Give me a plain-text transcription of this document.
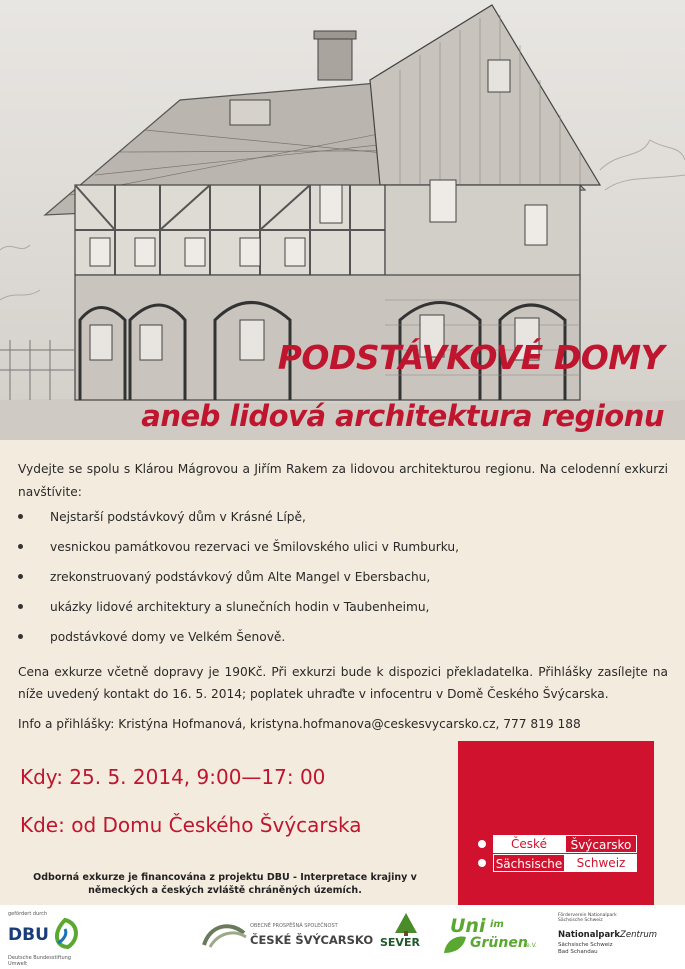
PODSTÁVKOVÉ DOMY
aneb lidová architektura regionu
Vydejte se spolu s Klárou Mágrovou a Jiřím Rakem za lidovou architekturou regionu. Na celodenní exkurzi navštívite:
Nejstarší podstávkový dům v Krásné Lípě,
vesnickou památkovou rezervaci ve Šmilovského ulici v Rumburku,
zrekonstruovaný podstávkový dům Alte Mangel v Ebersbachu,
ukázky lidové architektury a slunečních hodin v Taubenheimu,
podstávkové domy ve Velkém Šenově.
Cena exkurze včetně dopravy je 190Kč. Při exkurzi bude k dispozici překladatelka. Přihlášky zasílejte na níže uvedený kontakt do 16. 5. 2014; poplatek uhraďte v infocentru v Domě Českého Švýcarska.
Info a přihlášky: Kristýna Hofmanová, kristyna.hofmanova@ceskesvycarsko.cz, 777 819 188
Kdy: 25. 5. 2014, 9:00—17: 00
Kde: od Domu Českého Švýcarska
Odborná exkurze je financována z projektu DBU - Interpretace krajiny v německých a českých zvláště chráněných územích.
České	Švýcarsko
Sächsische	Schweiz
gefördert durch
DBU
Deutsche Bundesstiftung Umwelt
OBECNĚ PROSPĚŠNÁ SPOLEČNOST
ČESKÉ ŠVÝCARSKO SEVER
Uni im
Grünen
e.V.
Förderverein Nationalpark Sächsische Schweiz
NationalparkZentrum
Sächsische Schweiz
Bad Schandau
